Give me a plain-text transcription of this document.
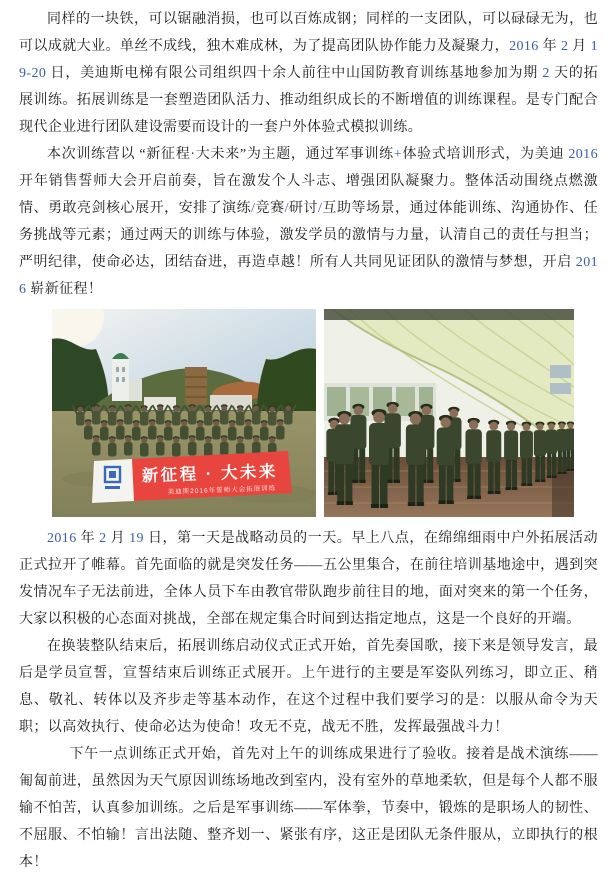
同样的一块铁，可以锯融消损，也可以百炼成钢；同样的一支团队，可以碌碌无为，也可以成就大业。单丝不成线，独木难成林，为了提高团队协作能力及凝聚力，2016 年 2 月 19-20 日，美迪斯电梯有限公司组织四十余人前往中山国防教育训练基地参加为期 2 天的拓展训练。拓展训练是一套塑造团队活力、推动组织成长的不断增值的训练课程。是专门配合现代企业进行团队建设需要而设计的一套户外体验式模拟训练。

本次训练营以 “新征程·大未来”为主题，通过军事训练+体验式培训形式，为美迪 2016 开年销售誓师大会开启前奏，旨在激发个人斗志、增强团队凝聚力。整体活动围绕点燃激情、勇敢亮剑核心展开，安排了演练/竞赛/研讨/互助等场景，通过体能训练、沟通协作、任务挑战等元素；通过两天的训练与体验，激发学员的激情与力量，认清自己的责任与担当；严明纪律，使命必达，团结奋进，再造卓越！所有人共同见证团队的激情与梦想，开启 2016 崭新征程！

新征程 · 大未来
美迪斯2016年誓师大会拓展训练

2016 年 2 月 19 日，第一天是战略动员的一天。早上八点，在绵绵细雨中户外拓展活动正式拉开了帷幕。首先面临的就是突发任务——五公里集合，在前往培训基地途中，遇到突发情况车子无法前进，全体人员下车由教官带队跑步前往目的地，面对突来的第一个任务，大家以积极的心态面对挑战，全部在规定集合时间到达指定地点，这是一个良好的开端。

在换装整队结束后，拓展训练启动仪式正式开始，首先奏国歌，接下来是领导发言，最后是学员宣誓，宣誓结束后训练正式展开。上午进行的主要是军姿队列练习，即立正、稍息、敬礼、转体以及齐步走等基本动作，在这个过程中我们要学习的是：以服从命令为天职；以高效执行、使命必达为使命！攻无不克，战无不胜，发挥最强战斗力！

下午一点训练正式开始，首先对上午的训练成果进行了验收。接着是战术演练——匍匐前进，虽然因为天气原因训练场地改到室内，没有室外的草地柔软，但是每个人都不服输不怕苦，认真参加训练。之后是军事训练——军体拳，节奏中，锻炼的是职场人的韧性、不屈服、不怕输！言出法随、整齐划一、紧张有序，这正是团队无条件服从，立即执行的根本！
